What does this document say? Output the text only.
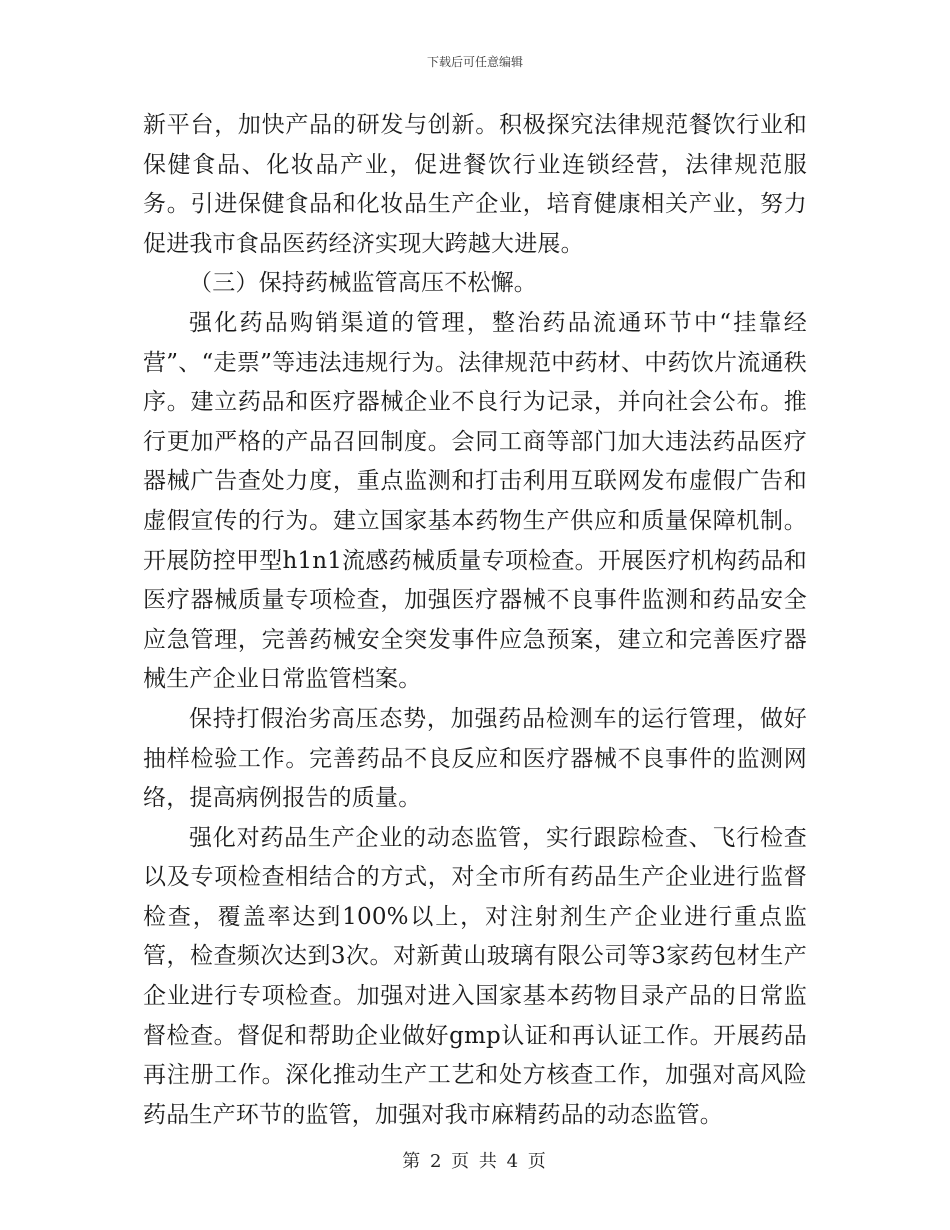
下载后可任意编辑

新平台，加快产品的研发与创新。积极探究法律规范餐饮行业和保健食品、化妆品产业，促进餐饮行业连锁经营，法律规范服务。引进保健食品和化妆品生产企业，培育健康相关产业，努力促进我市食品医药经济实现大跨越大进展。

（三）保持药械监管高压不松懈。

强化药品购销渠道的管理，整治药品流通环节中“挂靠经营”、“走票”等违法违规行为。法律规范中药材、中药饮片流通秩序。建立药品和医疗器械企业不良行为记录，并向社会公布。推行更加严格的产品召回制度。会同工商等部门加大违法药品医疗器械广告查处力度，重点监测和打击利用互联网发布虚假广告和虚假宣传的行为。建立国家基本药物生产供应和质量保障机制。开展防控甲型h1n1流感药械质量专项检查。开展医疗机构药品和医疗器械质量专项检查，加强医疗器械不良事件监测和药品安全应急管理，完善药械安全突发事件应急预案，建立和完善医疗器械生产企业日常监管档案。

保持打假治劣高压态势，加强药品检测车的运行管理，做好抽样检验工作。完善药品不良反应和医疗器械不良事件的监测网络，提高病例报告的质量。

强化对药品生产企业的动态监管，实行跟踪检查、飞行检查以及专项检查相结合的方式，对全市所有药品生产企业进行监督检查，覆盖率达到100%以上，对注射剂生产企业进行重点监管，检查频次达到3次。对新黄山玻璃有限公司等3家药包材生产企业进行专项检查。加强对进入国家基本药物目录产品的日常监督检查。督促和帮助企业做好gmp认证和再认证工作。开展药品再注册工作。深化推动生产工艺和处方核查工作，加强对高风险药品生产环节的监管，加强对我市麻精药品的动态监管。

第 2 页 共 4 页
